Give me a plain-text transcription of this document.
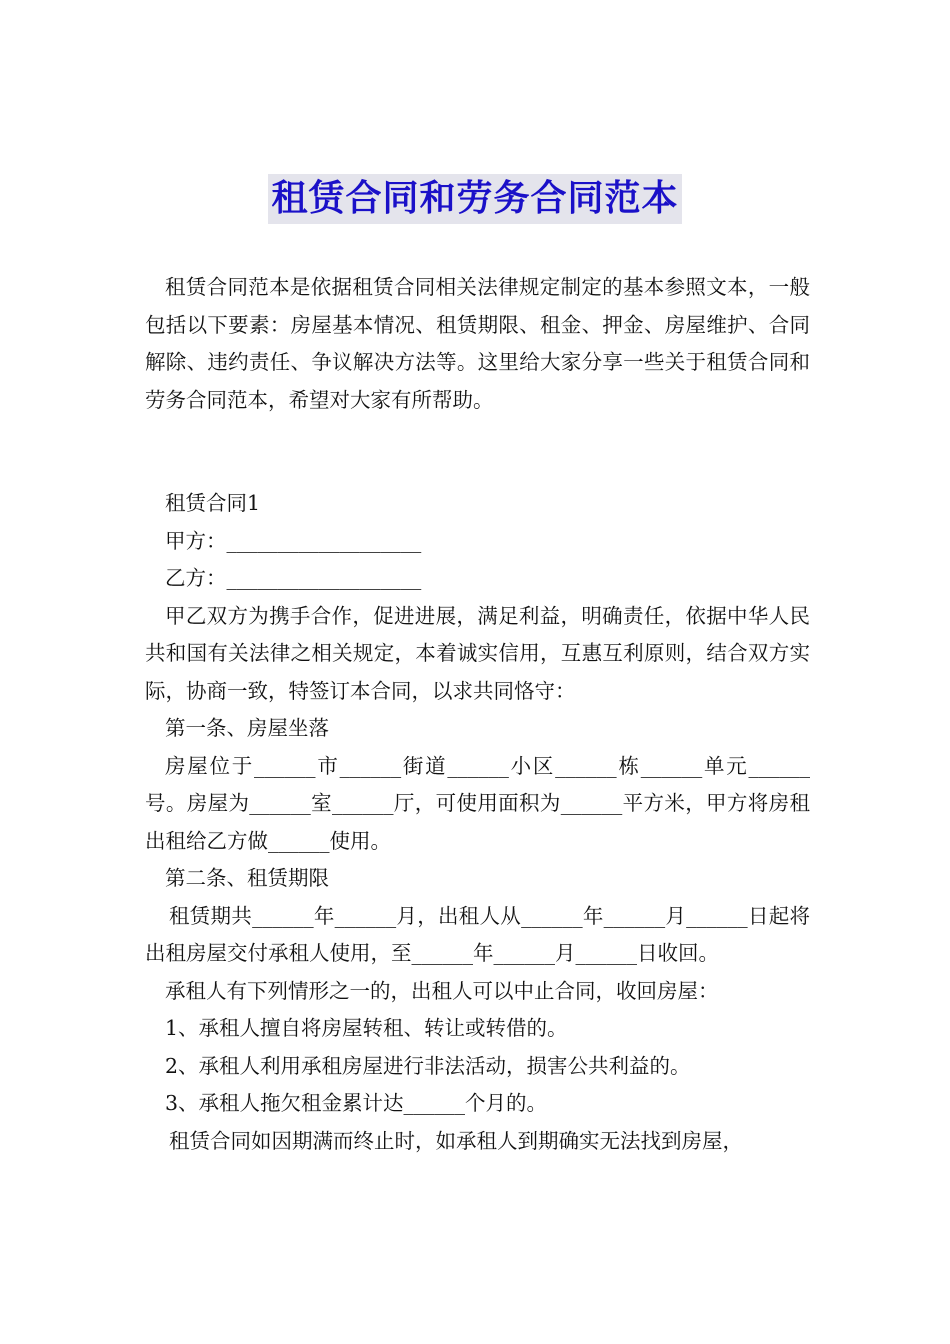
租赁合同和劳务合同范本

租赁合同范本是依据租赁合同相关法律规定制定的基本参照文本，一般包括以下要素：房屋基本情况、租赁期限、租金、押金、房屋维护、合同解除、违约责任、争议解决方法等。这里给大家分享一些关于租赁合同和劳务合同范本，希望对大家有所帮助。

租赁合同1

甲方：___________________

乙方：___________________

甲乙双方为携手合作，促进进展，满足利益，明确责任，依据中华人民共和国有关法律之相关规定，本着诚实信用，互惠互利原则，结合双方实际，协商一致，特签订本合同，以求共同恪守：

第一条、房屋坐落

房屋位于______市______街道______小区______栋______单元______号。房屋为______室______厅，可使用面积为______平方米，甲方将房租出租给乙方做______使用。

第二条、租赁期限

租赁期共______年______月，出租人从______年______月______日起将出租房屋交付承租人使用，至______年______月______日收回。

承租人有下列情形之一的，出租人可以中止合同，收回房屋：

1、承租人擅自将房屋转租、转让或转借的。

2、承租人利用承租房屋进行非法活动，损害公共利益的。

3、承租人拖欠租金累计达______个月的。

租赁合同如因期满而终止时，如承租人到期确实无法找到房屋，
